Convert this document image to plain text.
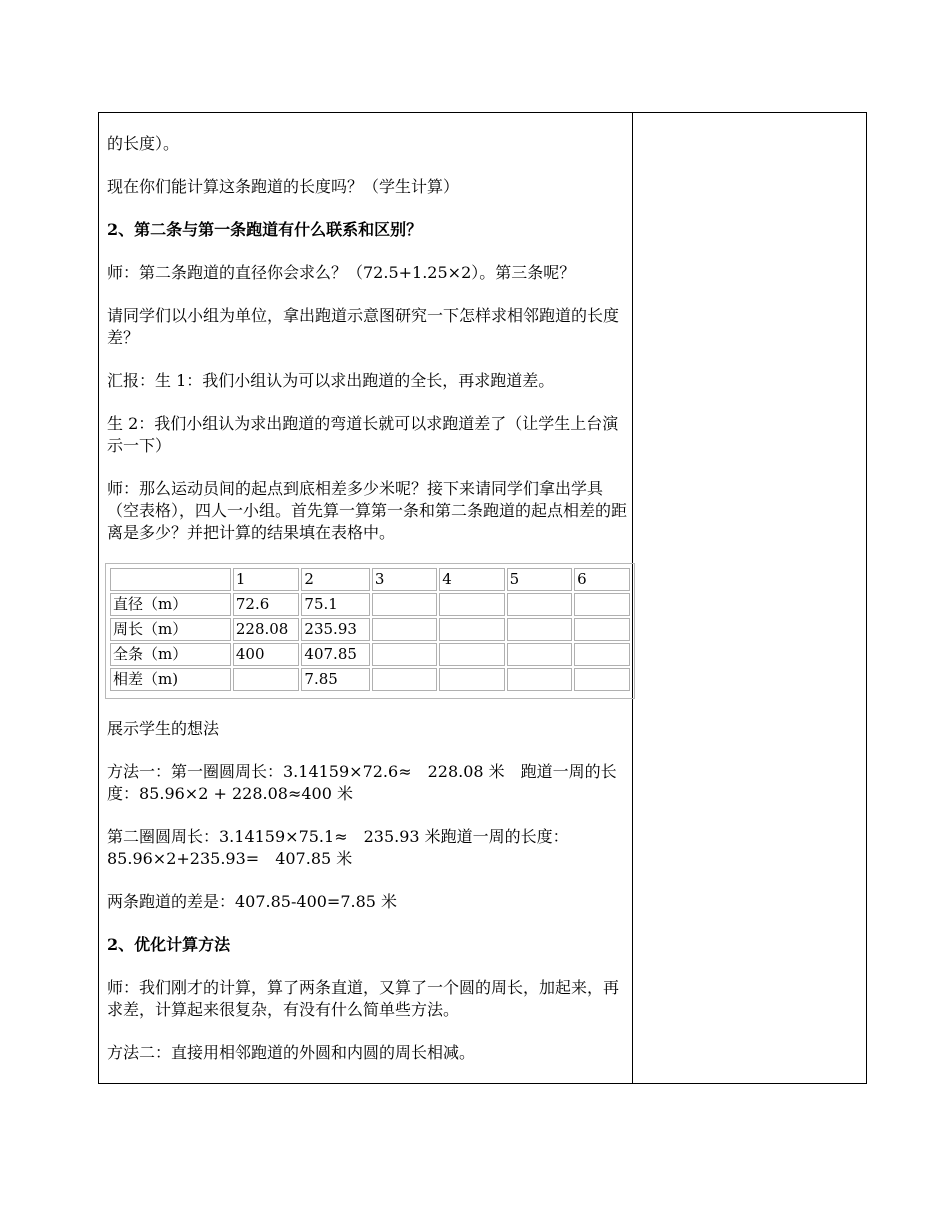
的长度）。

现在你们能计算这条跑道的长度吗？（学生计算）

2、第二条与第一条跑道有什么联系和区别？

师：第二条跑道的直径你会求么？（72.5+1.25×2）。第三条呢？

请同学们以小组为单位，拿出跑道示意图研究一下怎样求相邻跑道的长度差？

汇报：生 1：我们小组认为可以求出跑道的全长，再求跑道差。

生 2：我们小组认为求出跑道的弯道长就可以求跑道差了（让学生上台演示一下）

师：那么运动员间的起点到底相差多少米呢？接下来请同学们拿出学具（空表格），四人一小组。首先算一算第一条和第二条跑道的起点相差的距离是多少？并把计算的结果填在表格中。

	1	2	3	4	5	6
直径（m）	72.6	75.1				
周长（m）	228.08	235.93				
全条（m）	400	407.85				
相差（m)		7.85				

展示学生的想法

方法一：第一圈圆周长：3.14159×72.6≈　228.08 米　跑道一周的长度：85.96×2 + 228.08≈400 米

第二圈圆周长：3.14159×75.1≈　235.93 米跑道一周的长度：85.96×2+235.93=　407.85 米

两条跑道的差是：407.85-400=7.85 米

2、优化计算方法

师：我们刚才的计算，算了两条直道，又算了一个圆的周长，加起来，再求差，计算起来很复杂，有没有什么简单些方法。

方法二：直接用相邻跑道的外圆和内圆的周长相减。
